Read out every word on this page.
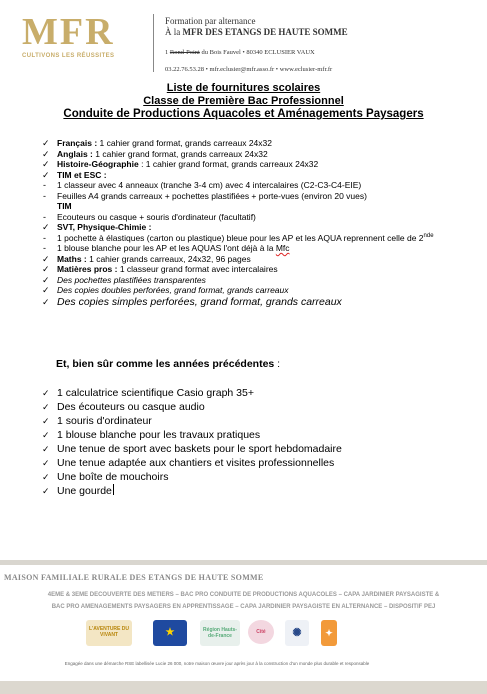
MFR
CULTIVONS LES RÉUSSITES
Formation par alternance
À la MFR DES ETANGS DE HAUTE SOMME
1 Rond-Point du Bois Fauvel • 80340 ECLUSIER VAUX
03.22.76.53.28 • mfr.eclusier@mfr.asso.fr • www.eclusier-mfr.fr
Liste de fournitures scolaires
Classe de Première Bac Professionnel
Conduite de Productions Aquacoles et Aménagements Paysagers
✓ Français : 1 cahier grand format, grands carreaux 24x32
✓ Anglais : 1 cahier grand format, grands carreaux 24x32
✓ Histoire-Géographie : 1 cahier grand format, grands carreaux 24x32
✓ TIM et ESC :
-	1 classeur avec 4 anneaux (tranche 3-4 cm) avec 4 intercalaires (C2-C3-C4-EIE)
-	Feuilles A4 grands carreaux + pochettes plastifiées + porte-vues (environ 20 vues)
TIM
-	Ecouteurs ou casque + souris d'ordinateur (facultatif)
✓ SVT, Physique-Chimie :
-	1 pochette à élastiques (carton ou plastique) bleue pour les AP et les AQUA reprennent celle de 2nde
-	1 blouse blanche pour les AP et les AQUAS l'ont déjà à la Mfc
✓ Maths : 1 cahier grands carreaux, 24x32, 96 pages
✓ Matières pros : 1 classeur grand format avec intercalaires
✓ Des pochettes plastifiées transparentes
✓ Des copies doubles perforées, grand format, grands carreaux
✓ Des copies simples perforées, grand format, grands carreaux
Et, bien sûr comme les années précédentes :
✓ 1 calculatrice scientifique Casio graph 35+
✓ Des écouteurs ou casque audio
✓ 1 souris d'ordinateur
✓ 1 blouse blanche pour les travaux pratiques
✓ Une tenue de sport avec baskets pour le sport hebdomadaire
✓ Une tenue adaptée aux chantiers et visites professionnelles
✓ Une boîte de mouchoirs
✓ Une gourde
MAISON FAMILIALE RURALE DES ETANGS DE HAUTE SOMME
4EME & 3EME DECOUVERTE DES METIERS – BAC PRO CONDUITE DE PRODUCTIONS AQUACOLES – CAPA JARDINIER PAYSAGISTE &
BAC PRO AMENAGEMENTS PAYSAGERS EN APPRENTISSAGE – CAPA JARDINIER PAYSAGISTE EN ALTERNANCE – DISPOSITIF PEJ
L'AVENTURE DU VIVANT	★	Région Hauts-de-France
Cité	✺	✦
Engagée dans une démarche RSE labellisée Lucie 26 000, notre maison œuvre jour après jour à la construction d'un monde plus durable et responsable
